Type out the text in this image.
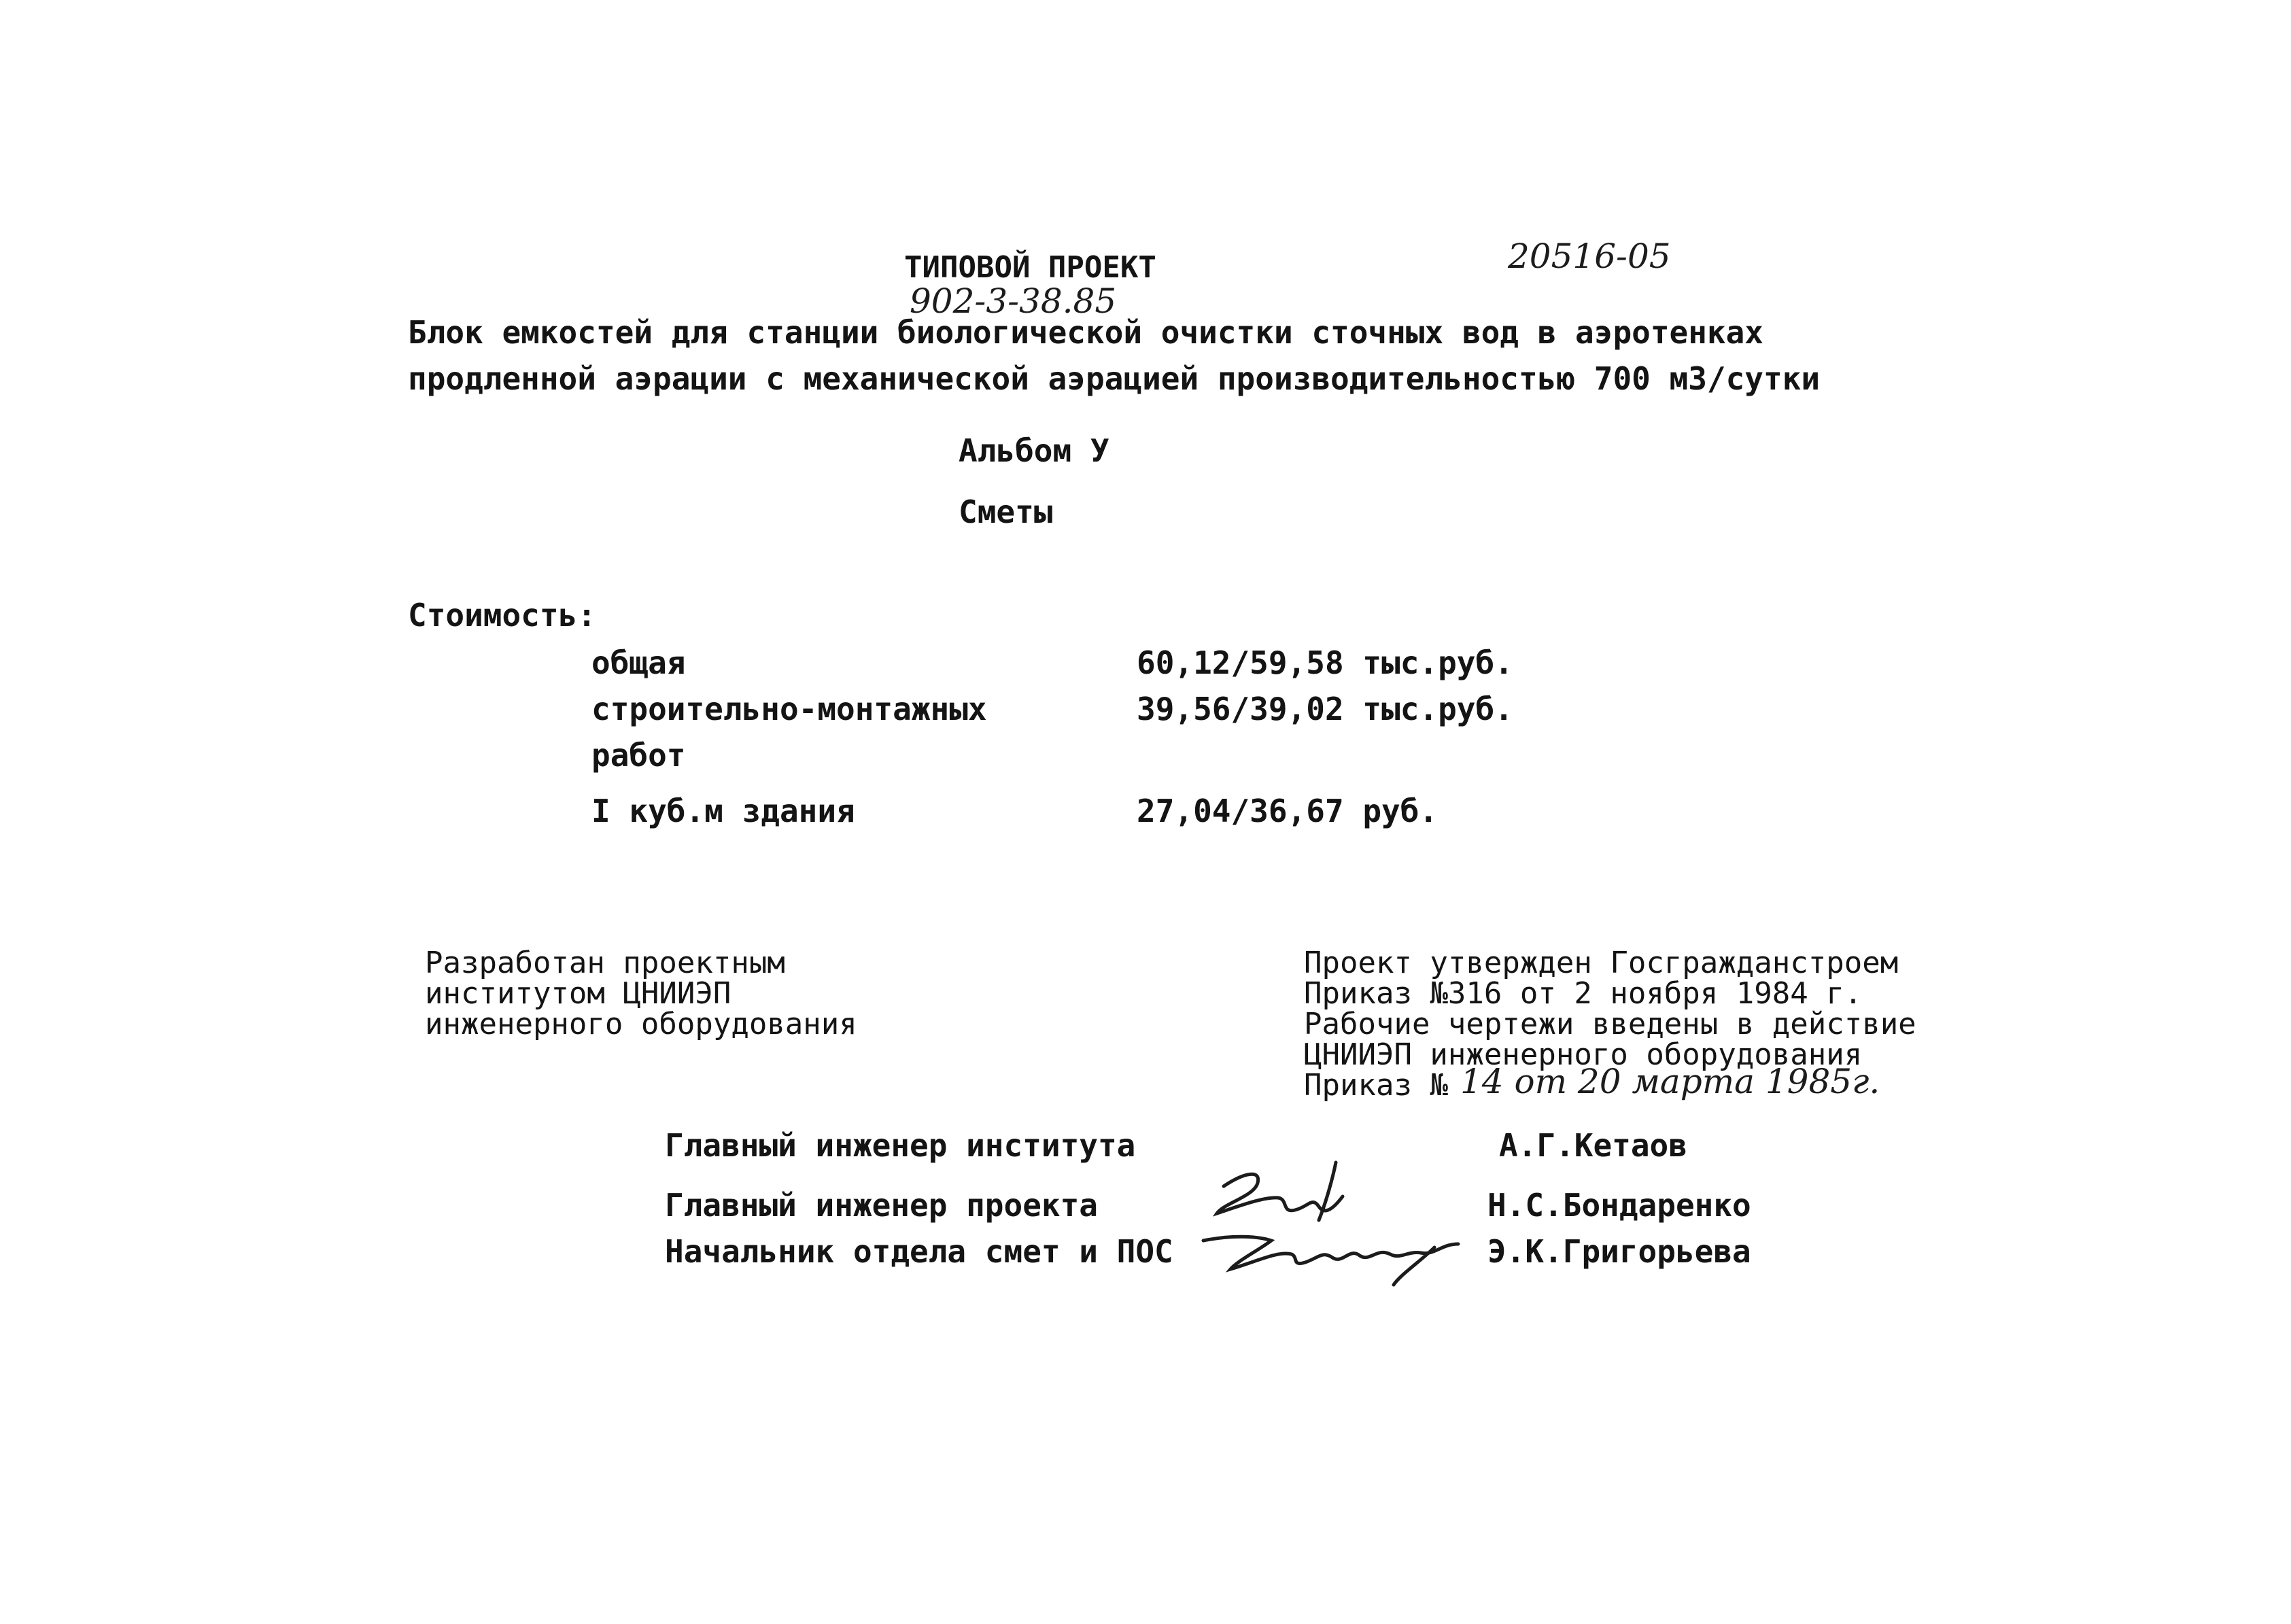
ТИПОВОЙ ПРОЕКТ
902-3-38.85
20516-05
Блок емкостей для станции биологической очистки сточных вод в аэротенках
продленной аэрации с механической аэрацией производительностью 700 м3/сутки
Альбом У
Сметы
Стоимость:
общая	60,12/59,58 тыс.руб.
строительно-монтажных	39,56/39,02 тыс.руб.
работ
I куб.м здания	27,04/36,67 руб.
Разработан проектным
институтом ЦНИИЭП
инженерного оборудования
Проект утвержден Госгражданстроем
Приказ №316 от 2 ноября 1984 г.
Рабочие чертежи введены в действие
ЦНИИЭП инженерного оборудования
Приказ № 14 от 20 марта 1985г.
Главный инженер института	А.Г.Кетаов
Главный инженер проекта	Н.С.Бондаренко
Начальник отдела смет и ПОС	Э.К.Григорьева
